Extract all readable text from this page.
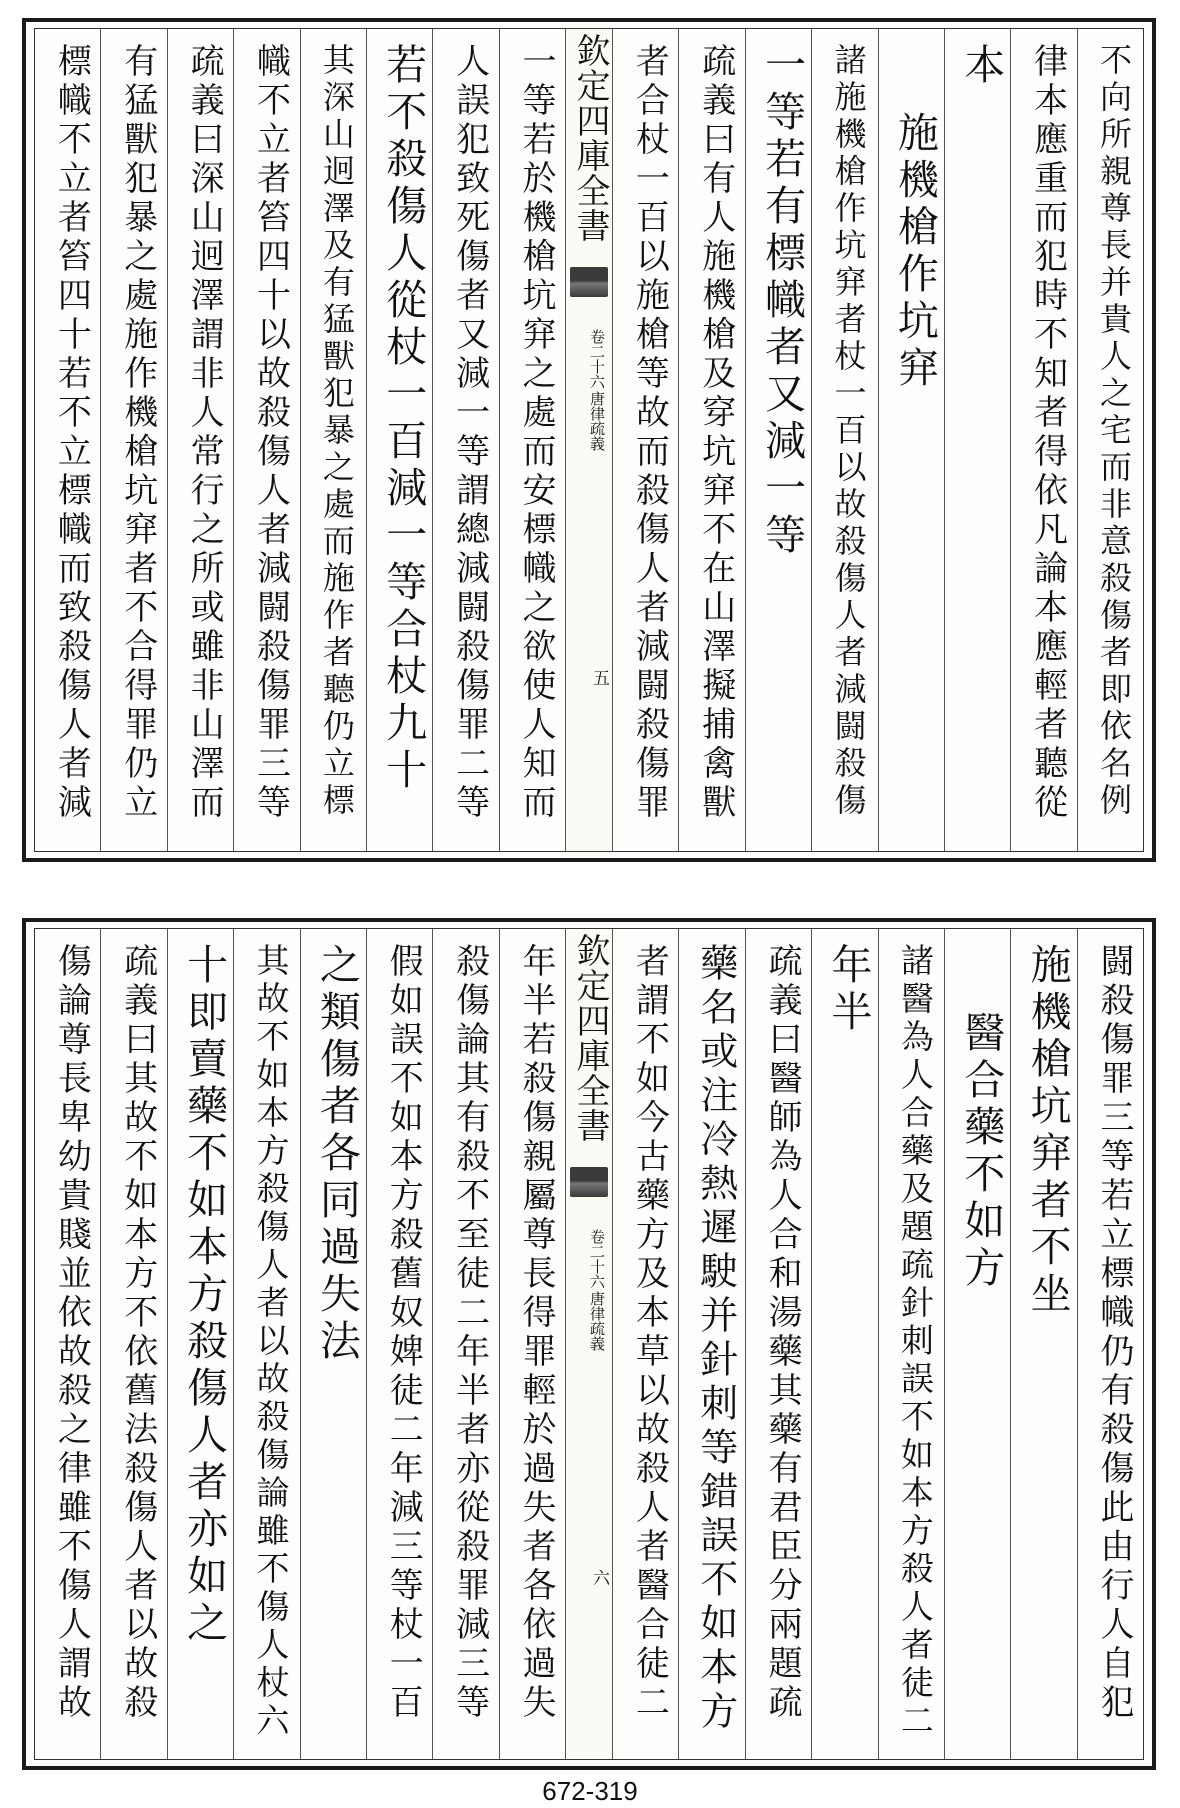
不向所親尊長并貴人之宅而非意殺傷者即依名例
律本應重而犯時不知者得依凡論本應輕者聽從
本
施機槍作坑穽
諸施機槍作坑穽者杖一百以故殺傷人者減闘殺傷
一等若有標幟者又減一等
疏義曰有人施機槍及穿坑穽不在山澤擬捕禽獸
者合杖一百以施槍等故而殺傷人者減闘殺傷罪
欽定四庫全書
唐律疏義
卷二十六
五
一等若於機槍坑穽之處而安標幟之欲使人知而
人誤犯致死傷者又減一等謂總減闘殺傷罪二等
若不殺傷人從杖一百減一等合杖九十
其深山迥澤及有猛獸犯暴之處而施作者聽仍立標
幟不立者笞四十以故殺傷人者減闘殺傷罪三等
疏義曰深山迥澤謂非人常行之所或雖非山澤而
有猛獸犯暴之處施作機槍坑穽者不合得罪仍立
標幟不立者笞四十若不立標幟而致殺傷人者減
闘殺傷罪三等若立標幟仍有殺傷此由行人自犯
施機槍坑穽者不坐
醫合藥不如方
諸醫為人合藥及題疏針刺誤不如本方殺人者徒二
年半
疏義曰醫師為人合和湯藥其藥有君臣分兩題疏
藥名或注冷熱遲駛并針刺等錯誤不如本方
者謂不如今古藥方及本草以故殺人者醫合徒二
欽定四庫全書
唐律疏義
卷二十六
六
年半若殺傷親屬尊長得罪輕於過失者各依過失
殺傷論其有殺不至徒二年半者亦從殺罪減三等
假如誤不如本方殺舊奴婢徒二年減三等杖一百
之類傷者各同過失法
其故不如本方殺傷人者以故殺傷論雖不傷人杖六
十即賣藥不如本方殺傷人者亦如之
疏義曰其故不如本方不依舊法殺傷人者以故殺
傷論尊長卑幼貴賤並依故殺之律雖不傷人謂故
672-319
